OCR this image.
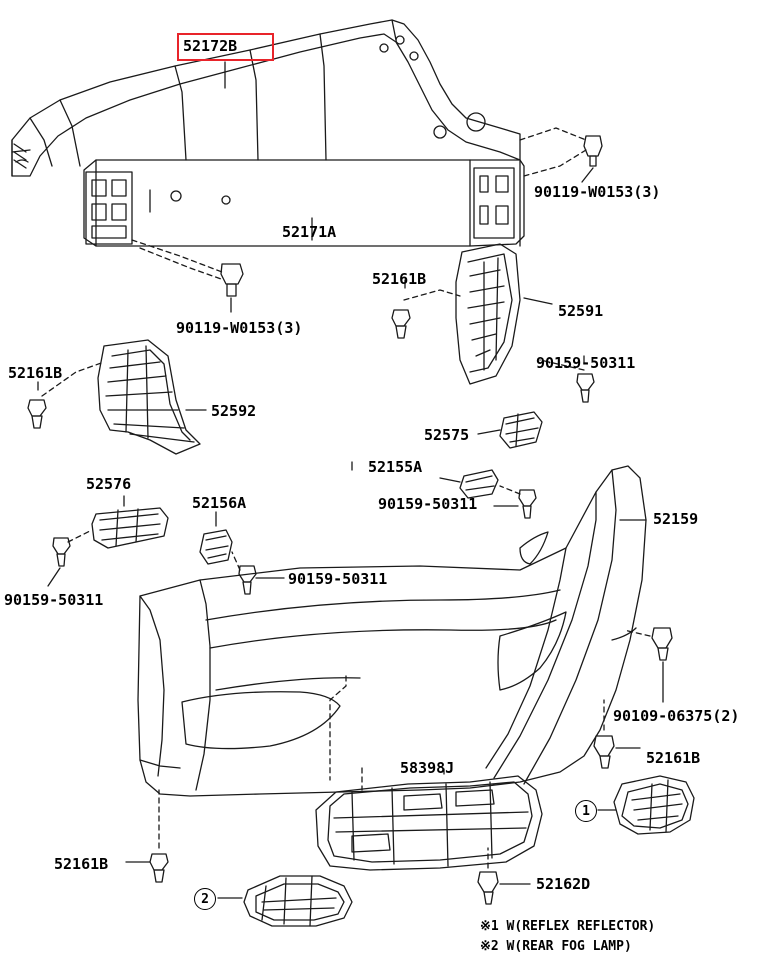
52172B
90119-W0153(3)
52171A
52161B
52591
90159-50311
90119-W0153(3)
52161B
52592
52575
52155A
52576
52156A	90159-50311
52159
90159-50311
90159-50311
90109-06375(2)
52161B
58398J
52161B
52162D
1
2
※1 W(REFLEX REFLECTOR)
※2 W(REAR FOG LAMP)
